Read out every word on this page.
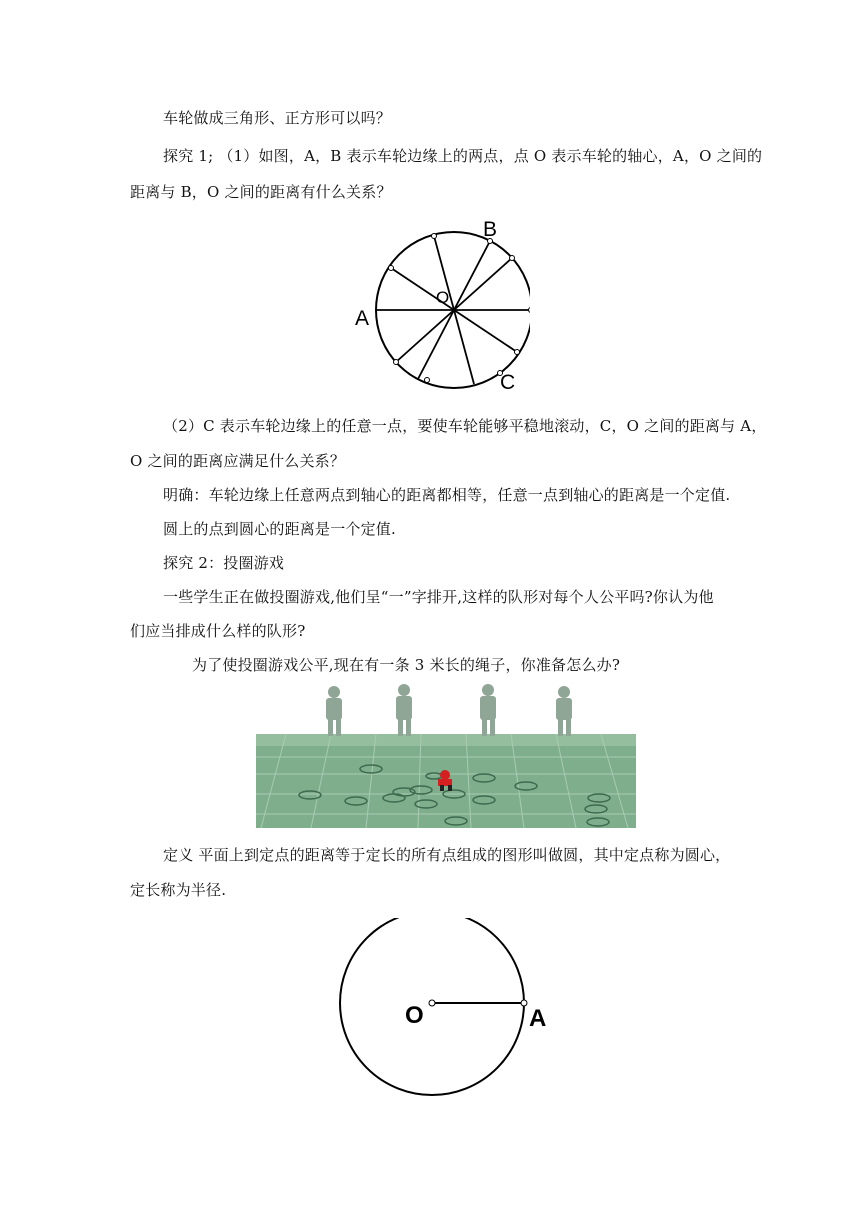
车轮做成三角形、正方形可以吗？
探究 1; （1）如图，A，B 表示车轮边缘上的两点，点 O 表示车轮的轴心，A，O 之间的
距离与 B，O 之间的距离有什么关系？
B
O
A
C
（2）C 表示车轮边缘上的任意一点，要使车轮能够平稳地滚动，C，O 之间的距离与 A，
O 之间的距离应满足什么关系？
明确：车轮边缘上任意两点到轴心的距离都相等，任意一点到轴心的距离是一个定值.
圆上的点到圆心的距离是一个定值.
探究 2：投圈游戏
一些学生正在做投圈游戏,他们呈“一”字排开,这样的队形对每个人公平吗?你认为他
们应当排成什么样的队形?
为了使投圈游戏公平,现在有一条 3 米长的绳子，你准备怎么办?
定义 平面上到定点的距离等于定长的所有点组成的图形叫做圆，其中定点称为圆心，
定长称为半径.
O	A
